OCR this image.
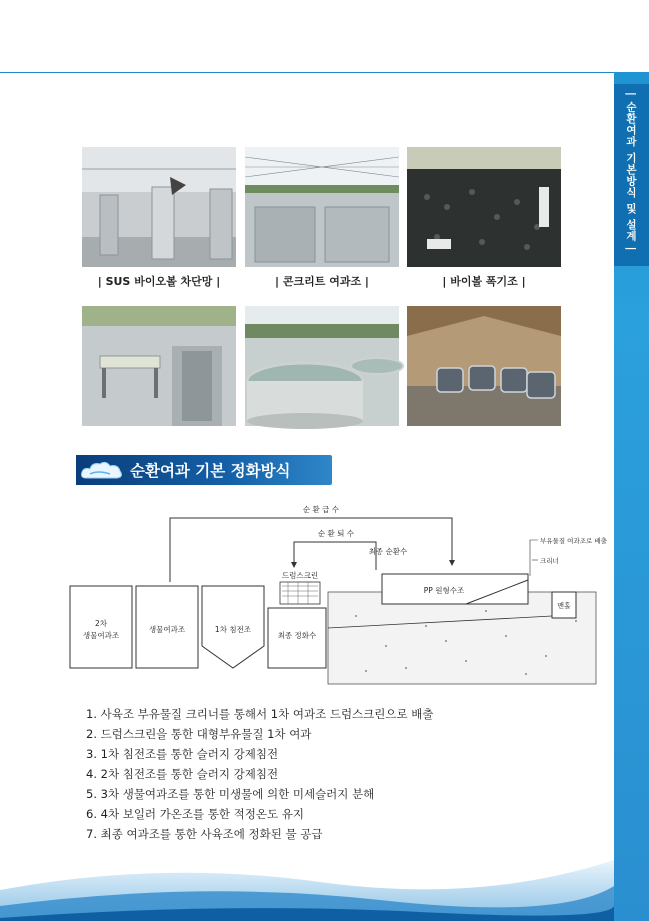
| 순환여과 기본방식 및 설계 |
| SUS 바이오볼 차단망 |	| 콘크리트 여과조 |	| 바이볼 폭기조 |
순환여과 기본 정화방식
순 환 급 수
순 환 퇴 수
최종 순환수
2차
생물여과조
생물여과조	1차 침전조
최종 정화수
드럼스크린
PP 원형수조
부유물질 여과조로 배출
크리너
맨홀
1. 사육조 부유물질 크리너를 통해서 1차 여과조 드럼스크린으로 배출
2. 드럼스크린을 통한 대형부유물질 1차 여과
3. 1차 침전조를 통한 슬러지 강제침전
4. 2차 침전조를 통한 슬러지 강제침전
5. 3차 생물여과조를 통한 미생물에 의한 미세슬러지 분해
6. 4차 보일러 가온조를 통한 적정온도 유지
7. 최종 여과조를 통한 사육조에 정화된 물 공급
